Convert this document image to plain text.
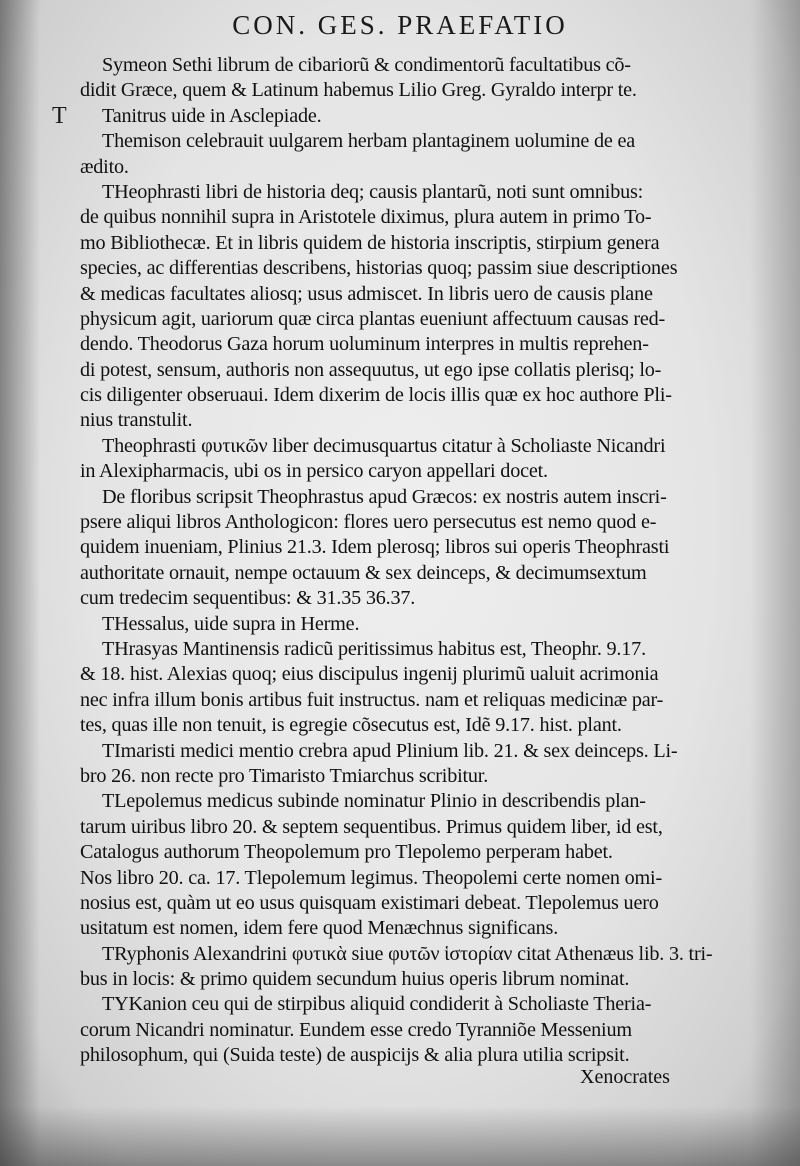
CON. GES. PRAEFATIO
T
Symeon Sethi librum de cibariorũ & condimentorũ facultatibus cõ-
didit Græce, quem & Latinum habemus Lilio Greg. Gyraldo interpr te.
Tanitrus uide in Asclepiade.
Themison celebrauit uulgarem herbam plantaginem uolumine de ea
ædito.
THeophrasti libri de historia deq; causis plantarũ, noti sunt omnibus:
de quibus nonnihil supra in Aristotele diximus, plura autem in primo To-
mo Bibliothecæ. Et in libris quidem de historia inscriptis, stirpium genera
species, ac differentias describens, historias quoq; passim siue descriptiones
& medicas facultates aliosq; usus admiscet. In libris uero de causis plane
physicum agit, uariorum quæ circa plantas eueniunt affectuum causas red-
dendo. Theodorus Gaza horum uoluminum interpres in multis reprehen-
di potest, sensum, authoris non assequutus, ut ego ipse collatis plerisq; lo-
cis diligenter obseruaui. Idem dixerim de locis illis quæ ex hoc authore Pli-
nius transtulit.
Theophrasti φυτικῶν liber decimusquartus citatur à Scholiaste Nicandri
in Alexipharmacis, ubi os in persico caryon appellari docet.
De floribus scripsit Theophrastus apud Græcos: ex nostris autem inscri-
psere aliqui libros Anthologicon: flores uero persecutus est nemo quod e-
quidem inueniam, Plinius 21.3. Idem plerosq; libros sui operis Theophrasti
authoritate ornauit, nempe octauum & sex deinceps, & decimumsextum
cum tredecim sequentibus: & 31.35 36.37.
THessalus, uide supra in Herme.
THrasyas Mantinensis radicũ peritissimus habitus est, Theophr. 9.17.
& 18. hist. Alexias quoq; eius discipulus ingenij plurimũ ualuit acrimonia
nec infra illum bonis artibus fuit instructus. nam et reliquas medicinæ par-
tes, quas ille non tenuit, is egregie cõsecutus est, Idẽ 9.17. hist. plant.
TImaristi medici mentio crebra apud Plinium lib. 21. & sex deinceps. Li-
bro 26. non recte pro Timaristo Tmiarchus scribitur.
TLepolemus medicus subinde nominatur Plinio in describendis plan-
tarum uiribus libro 20. & septem sequentibus. Primus quidem liber, id est,
Catalogus authorum Theopolemum pro Tlepolemo perperam habet.
Nos libro 20. ca. 17. Tlepolemum legimus. Theopolemi certe nomen omi-
nosius est, quàm ut eo usus quisquam existimari debeat. Tlepolemus uero
usitatum est nomen, idem fere quod Menæchnus significans.
TRyphonis Alexandrini φυτικὰ siue φυτῶν ἱστορίαν citat Athenæus lib. 3. tri-
bus in locis: & primo quidem secundum huius operis librum nominat.
TYKanion ceu qui de stirpibus aliquid condiderit à Scholiaste Theria-
corum Nicandri nominatur. Eundem esse credo Tyranniõe Messenium
philosophum, qui (Suida teste) de auspicijs & alia plura utilia scripsit.
Xenocrates
